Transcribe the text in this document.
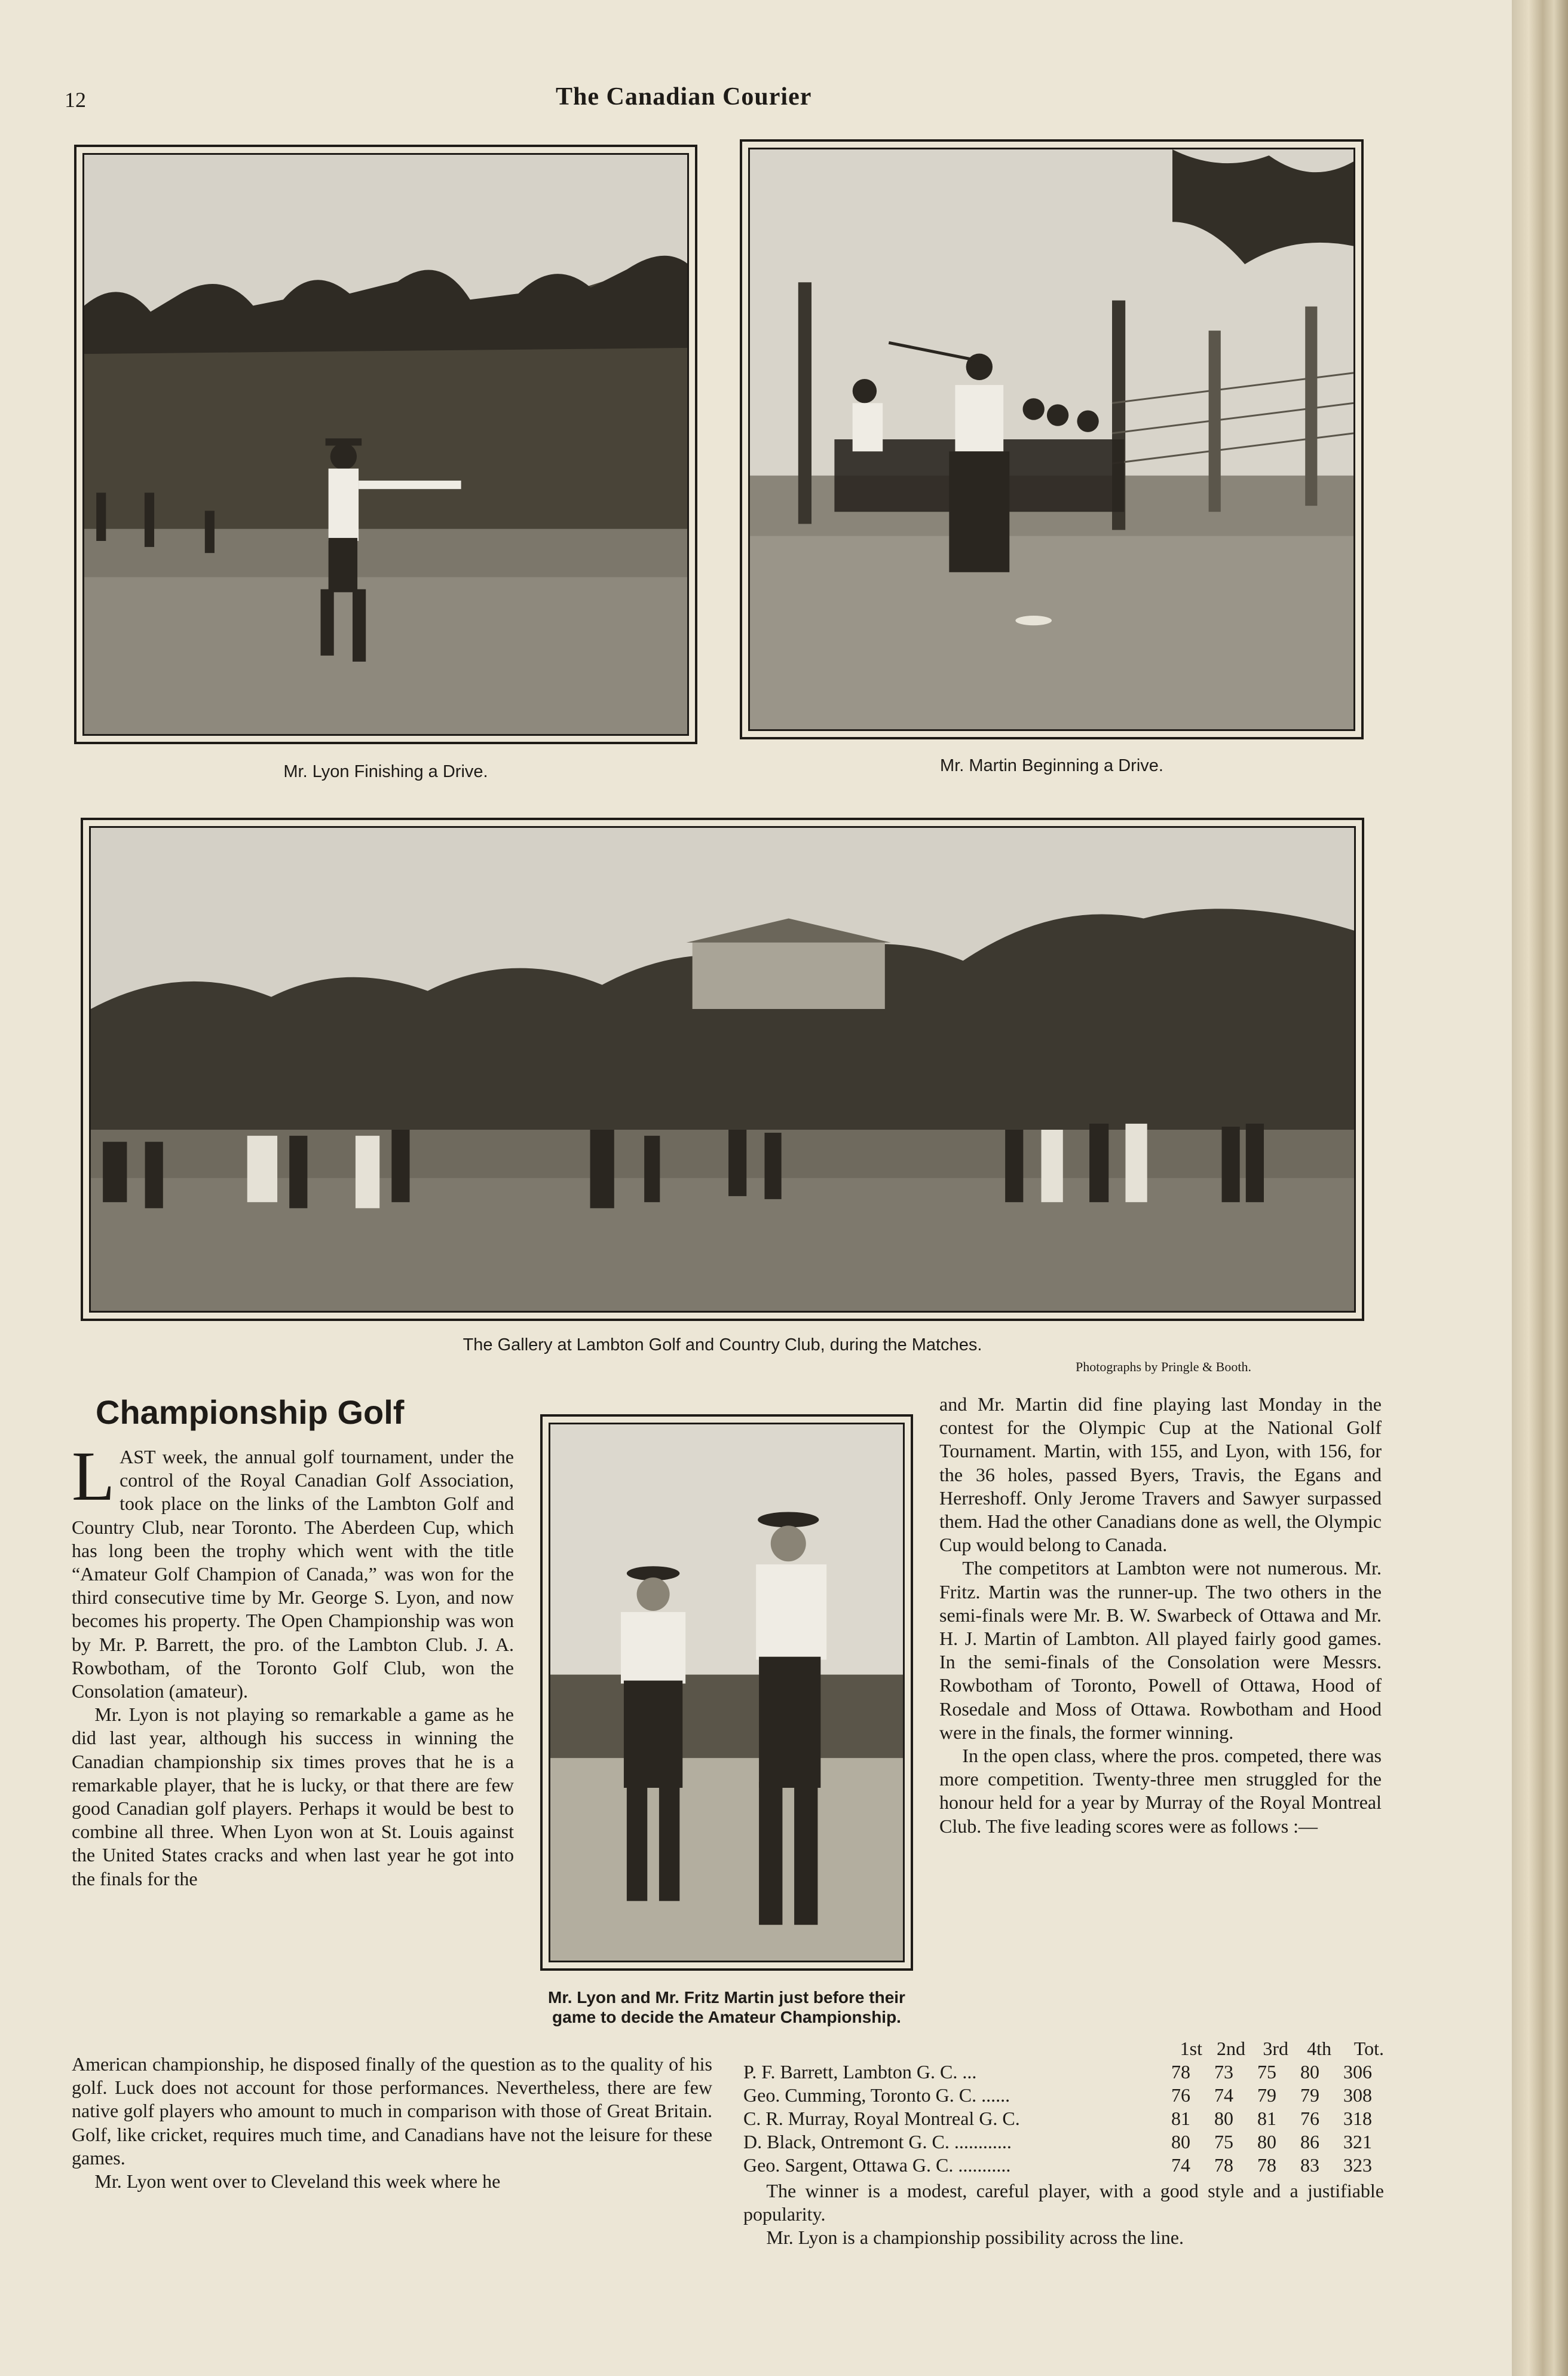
12	The Canadian Courier
Mr. Lyon Finishing a Drive.	Mr. Martin Beginning a Drive.
The Gallery at Lambton Golf and Country Club, during the Matches.
Photographs by Pringle & Booth.
Championship Golf

LAST week, the annual golf tournament, under the control of the Royal Canadian Golf Association, took place on the links of the Lambton Golf and Country Club, near Toronto. The Aberdeen Cup, which has long been the trophy which went with the title “Amateur Golf Champion of Canada,” was won for the third consecutive time by Mr. George S. Lyon, and now becomes his property. The Open Championship was won by Mr. P. Barrett, the pro. of the Lambton Club. J. A. Rowbotham, of the Toronto Golf Club, won the Consolation (amateur).

Mr. Lyon is not playing so remarkable a game as he did last year, although his success in winning the Canadian championship six times proves that he is a remarkable player, that he is lucky, or that there are few good Canadian golf players. Perhaps it would be best to combine all three. When Lyon won at St. Louis against the United States cracks and when last year he got into the finals for the

Mr. Lyon and Mr. Fritz Martin just before their game to decide the Amateur Championship.

and Mr. Martin did fine playing last Monday in the contest for the Olympic Cup at the National Golf Tournament. Martin, with 155, and Lyon, with 156, for the 36 holes, passed Byers, Travis, the Egans and Herreshoff. Only Jerome Travers and Sawyer surpassed them. Had the other Canadians done as well, the Olympic Cup would belong to Canada.

The competitors at Lambton were not numerous. Mr. Fritz. Martin was the runner-up. The two others in the semi-finals were Mr. B. W. Swarbeck of Ottawa and Mr. H. J. Martin of Lambton. All played fairly good games. In the semi-finals of the Consolation were Messrs. Rowbotham of Toronto, Powell of Ottawa, Hood of Rosedale and Moss of Ottawa. Rowbotham and Hood were in the finals, the former winning.

In the open class, where the pros. competed, there was more competition. Twenty-three men struggled for the honour held for a year by Murray of the Royal Montreal Club. The five leading scores were as follows :—

American championship, he disposed finally of the question as to the quality of his golf. Luck does not account for those performances. Nevertheless, there are few native golf players who amount to much in comparison with those of Great Britain. Golf, like cricket, requires much time, and Canadians have not the leisure for these games.

Mr. Lyon went over to Cleveland this week where he

	1st	2nd	3rd	4th	Tot.
P. F. Barrett, Lambton G. C. ...	78	73	75	80	306
Geo. Cumming, Toronto G. C. ......	76	74	79	79	308
C. R. Murray, Royal Montreal G. C.	81	80	81	76	318
D. Black, Ontremont G. C. ............	80	75	80	86	321
Geo. Sargent, Ottawa G. C. ...........	74	78	78	83	323

The winner is a modest, careful player, with a good style and a justifiable popularity.

Mr. Lyon is a championship possibility across the line.
